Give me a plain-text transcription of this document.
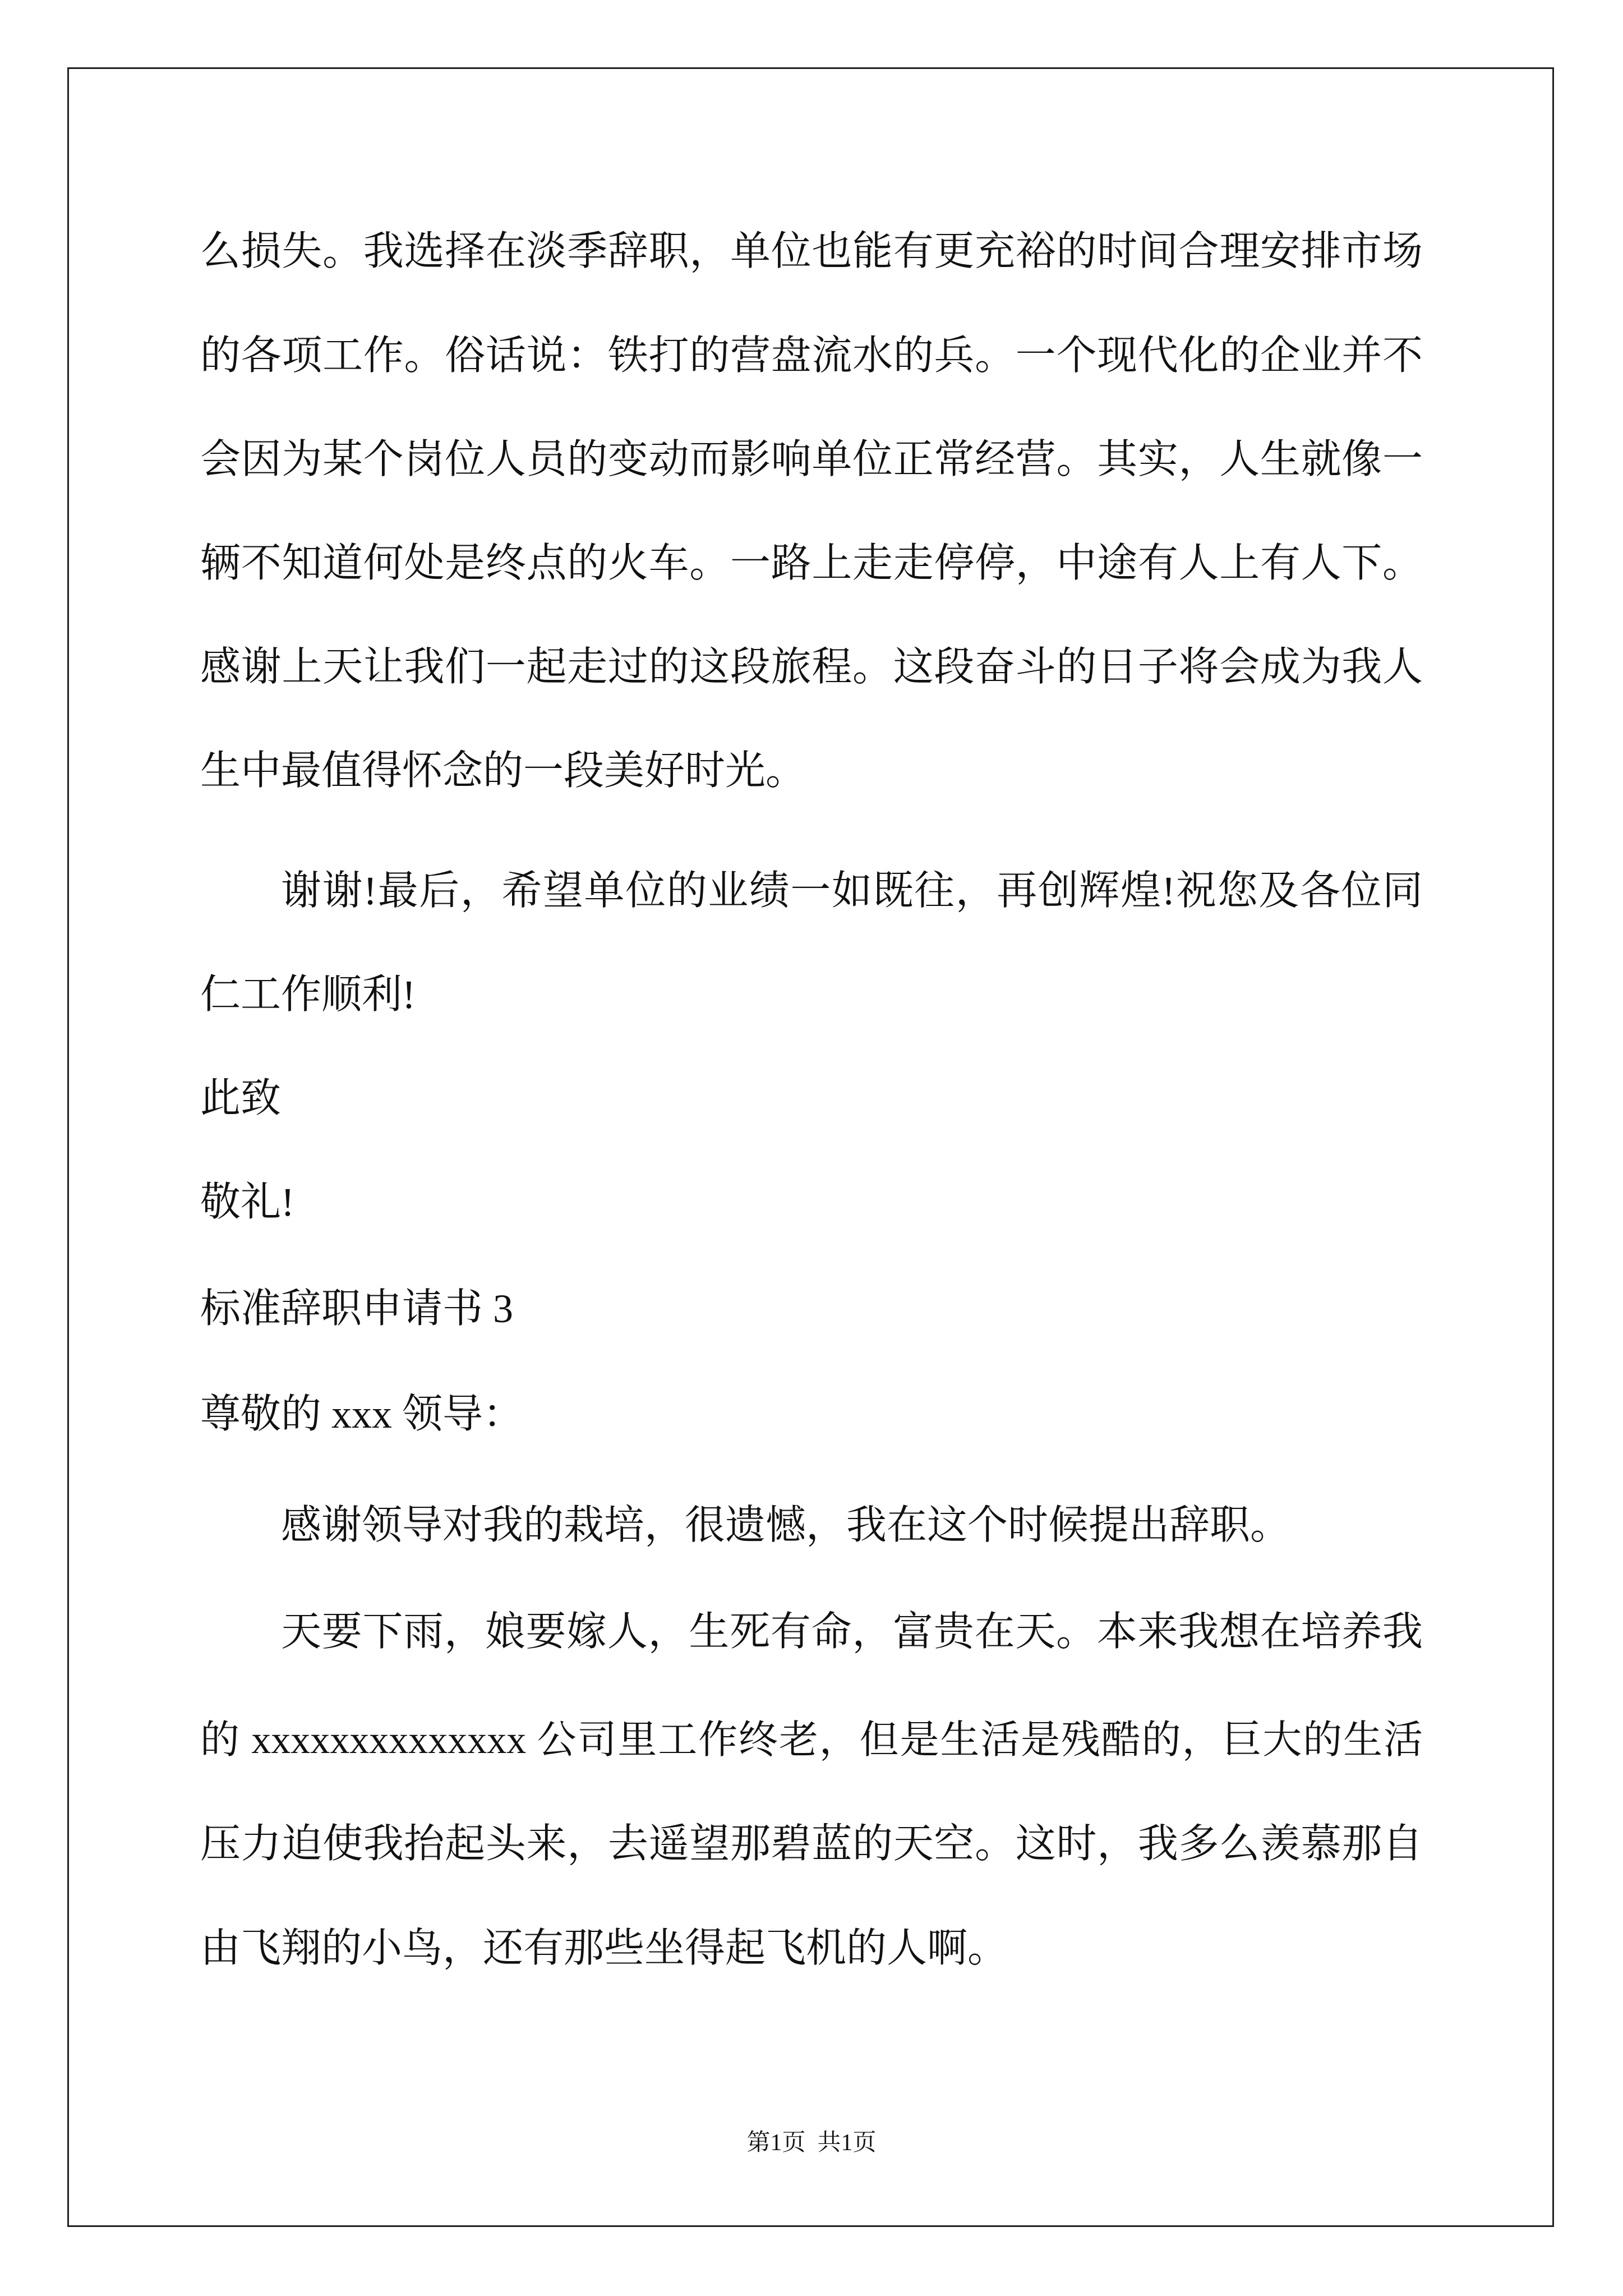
么损失。我选择在淡季辞职，单位也能有更充裕的时间合理安排市场
的各项工作。俗话说：铁打的营盘流水的兵。一个现代化的企业并不
会因为某个岗位人员的变动而影响单位正常经营。其实，人生就像一
辆不知道何处是终点的火车。一路上走走停停，中途有人上有人下。
感谢上天让我们一起走过的这段旅程。这段奋斗的日子将会成为我人
生中最值得怀念的一段美好时光。
谢谢!最后，希望单位的业绩一如既往，再创辉煌!祝您及各位同
仁工作顺利!
此致
敬礼!
标准辞职申请书 3
尊敬的 xxx 领导：
感谢领导对我的栽培，很遗憾，我在这个时候提出辞职。
天要下雨，娘要嫁人，生死有命，富贵在天。本来我想在培养我
的 xxxxxxxxxxxxxx 公司里工作终老，但是生活是残酷的，巨大的生活
压力迫使我抬起头来，去遥望那碧蓝的天空。这时，我多么羡慕那自
由飞翔的小鸟，还有那些坐得起飞机的人啊。
第1页  共1页
